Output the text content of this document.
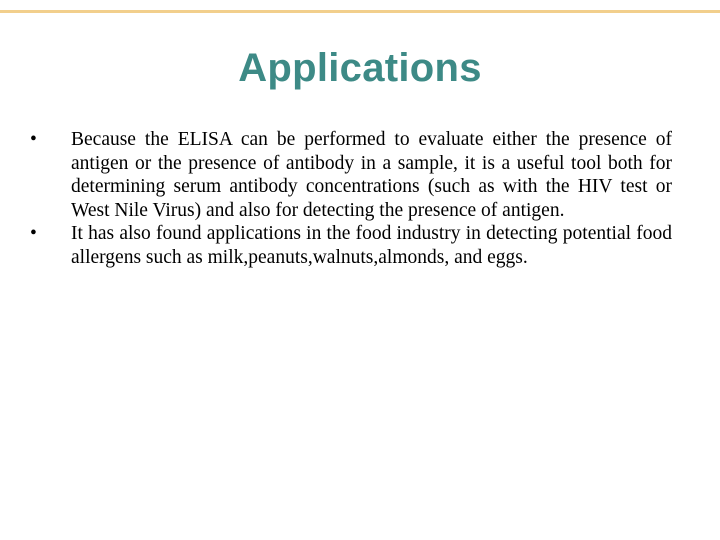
Applications
•	Because the ELISA can be performed to evaluate either the presence of antigen or the presence of antibody in a sample, it is a useful tool both for determining serum antibody concentrations (such as with the HIV test or West Nile Virus) and also for detecting the presence of antigen.
•	It has also found applications in the food industry in detecting potential food allergens such as milk,peanuts,walnuts,almonds, and eggs.
